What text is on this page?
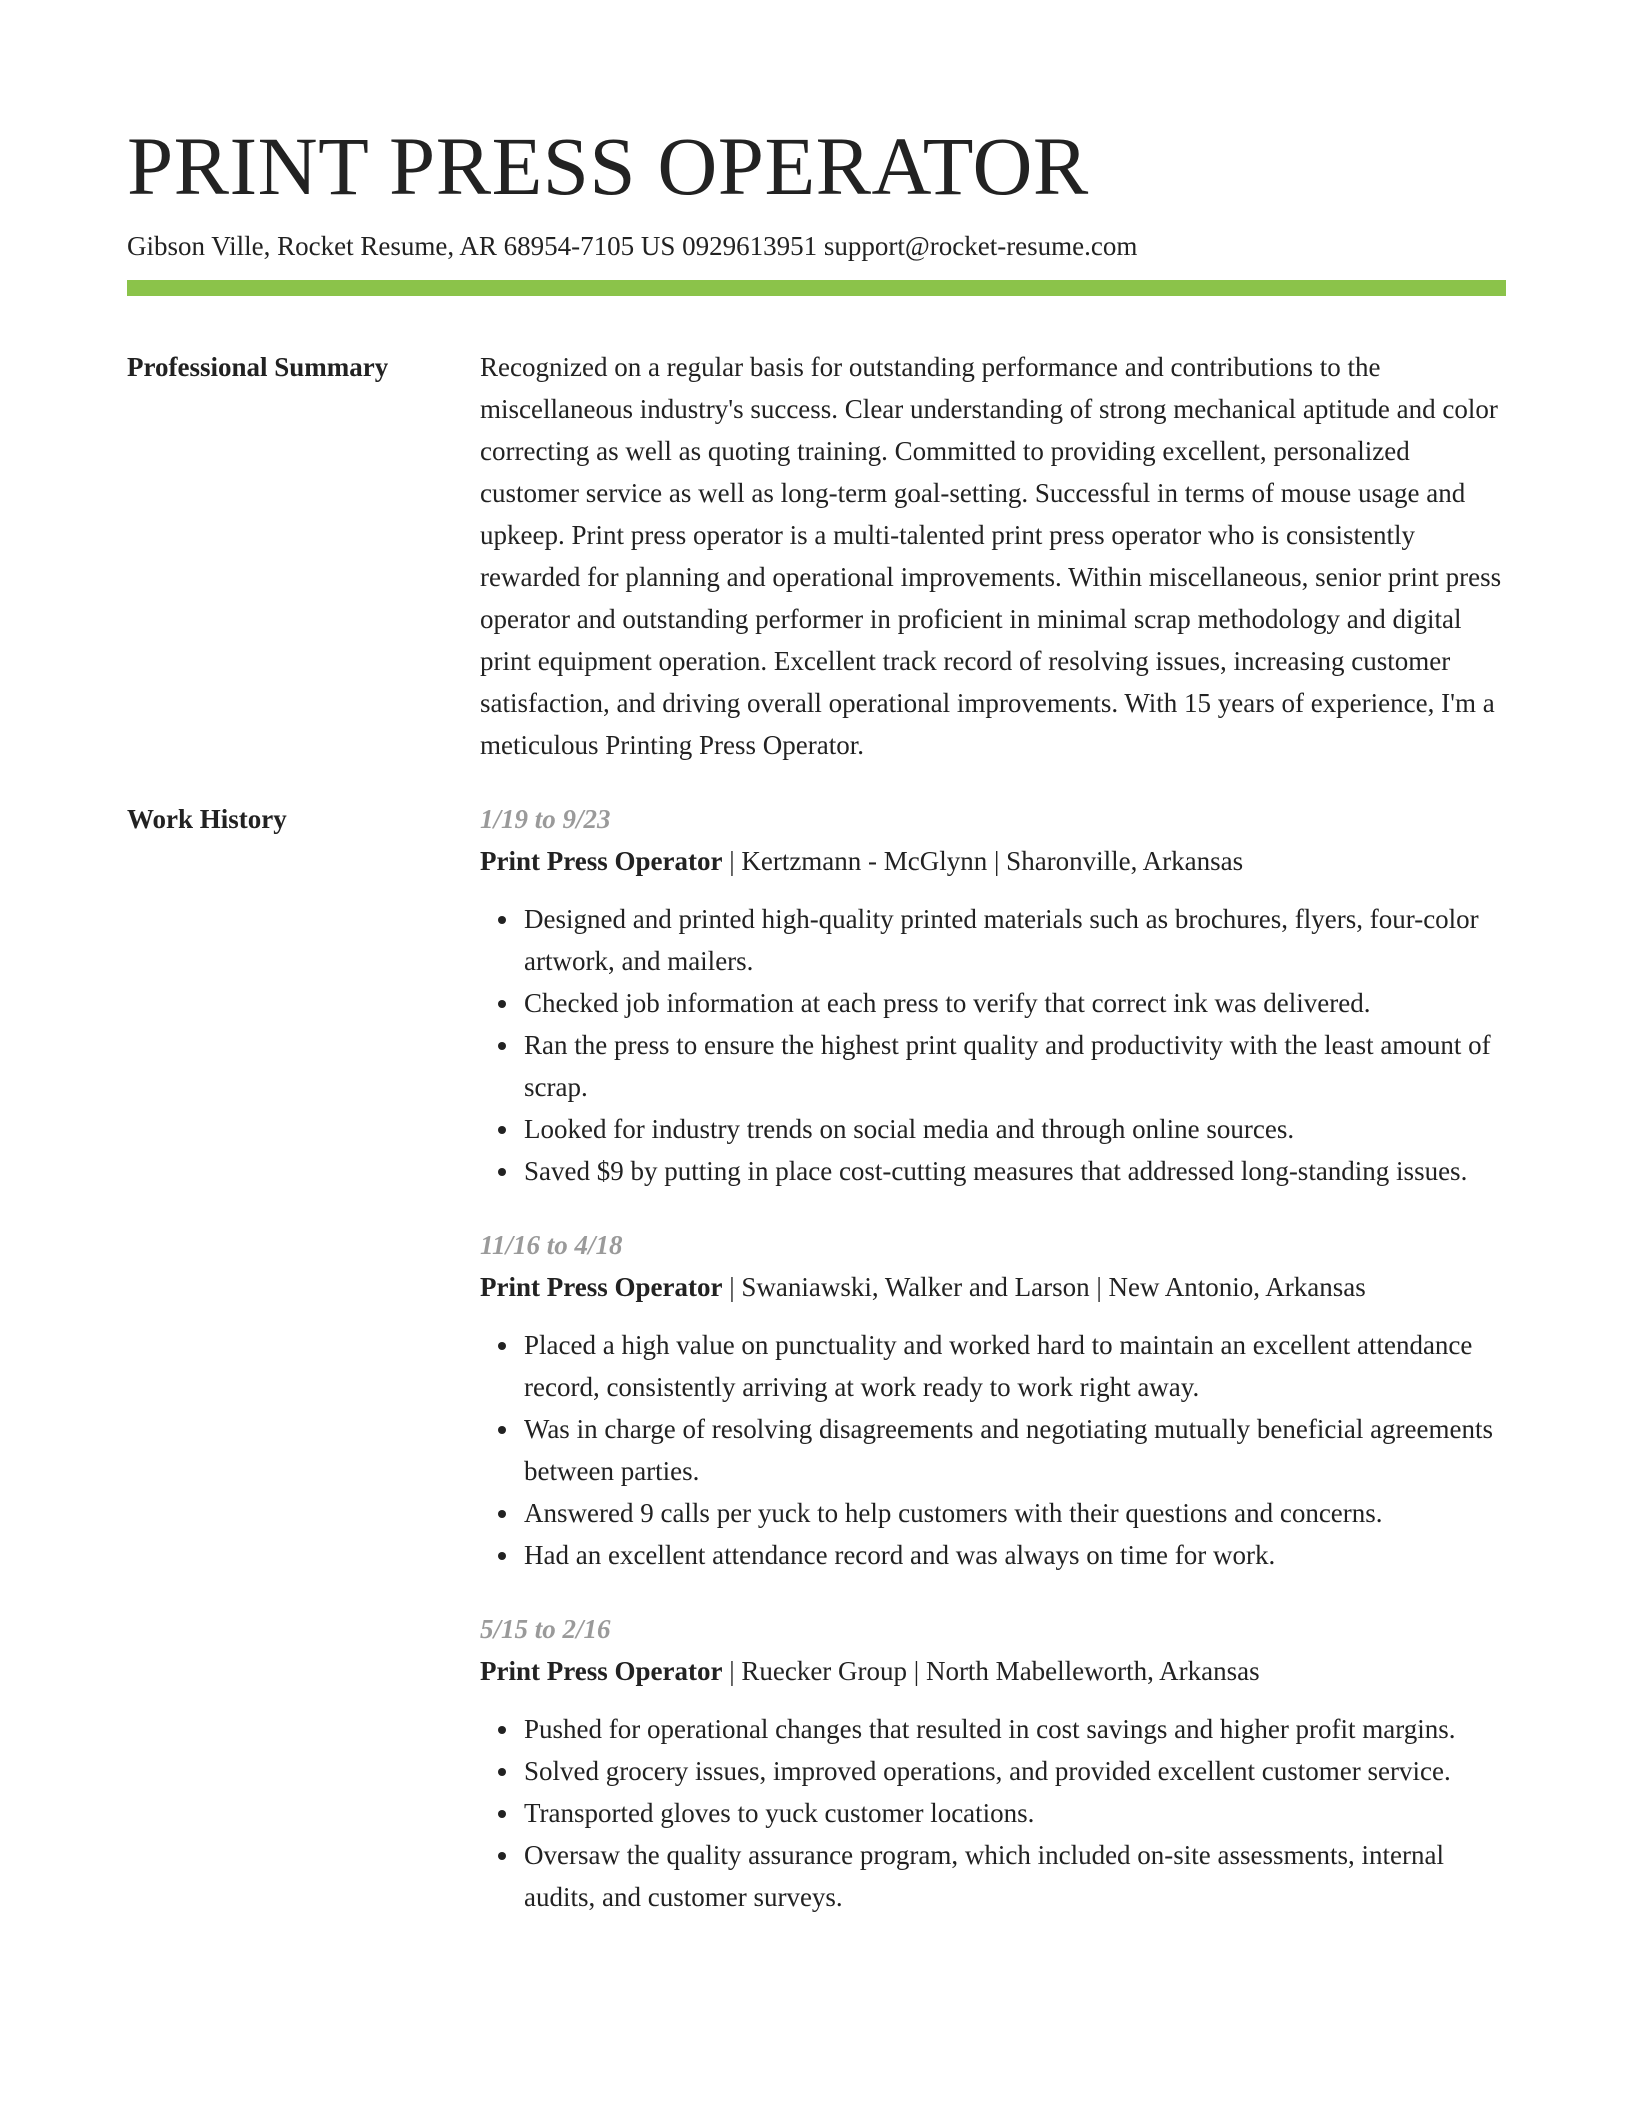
PRINT PRESS OPERATOR
Gibson Ville, Rocket Resume, AR 68954-7105 US 0929613951 support@rocket-resume.com
Professional Summary	Recognized on a regular basis for outstanding performance and contributions to the miscellaneous industry's success. Clear understanding of strong mechanical aptitude and color correcting as well as quoting training. Committed to providing excellent, personalized customer service as well as long-term goal-setting. Successful in terms of mouse usage and upkeep. Print press operator is a multi-talented print press operator who is consistently rewarded for planning and operational improvements. Within miscellaneous, senior print press operator and outstanding performer in proficient in minimal scrap methodology and digital print equipment operation. Excellent track record of resolving issues, increasing customer satisfaction, and driving overall operational improvements. With 15 years of experience, I'm a meticulous Printing Press Operator.

Work History	1/19 to 9/23
Print Press Operator | Kertzmann - McGlynn | Sharonville, Arkansas
Designed and printed high-quality printed materials such as brochures, flyers, four-color artwork, and mailers.
Checked job information at each press to verify that correct ink was delivered.
Ran the press to ensure the highest print quality and productivity with the least amount of scrap.
Looked for industry trends on social media and through online sources.
Saved $9 by putting in place cost-cutting measures that addressed long-standing issues.
11/16 to 4/18
Print Press Operator | Swaniawski, Walker and Larson | New Antonio, Arkansas
Placed a high value on punctuality and worked hard to maintain an excellent attendance record, consistently arriving at work ready to work right away.
Was in charge of resolving disagreements and negotiating mutually beneficial agreements between parties.
Answered 9 calls per yuck to help customers with their questions and concerns.
Had an excellent attendance record and was always on time for work.
5/15 to 2/16
Print Press Operator | Ruecker Group | North Mabelleworth, Arkansas
Pushed for operational changes that resulted in cost savings and higher profit margins.
Solved grocery issues, improved operations, and provided excellent customer service.
Transported gloves to yuck customer locations.
Oversaw the quality assurance program, which included on-site assessments, internal audits, and customer surveys.
